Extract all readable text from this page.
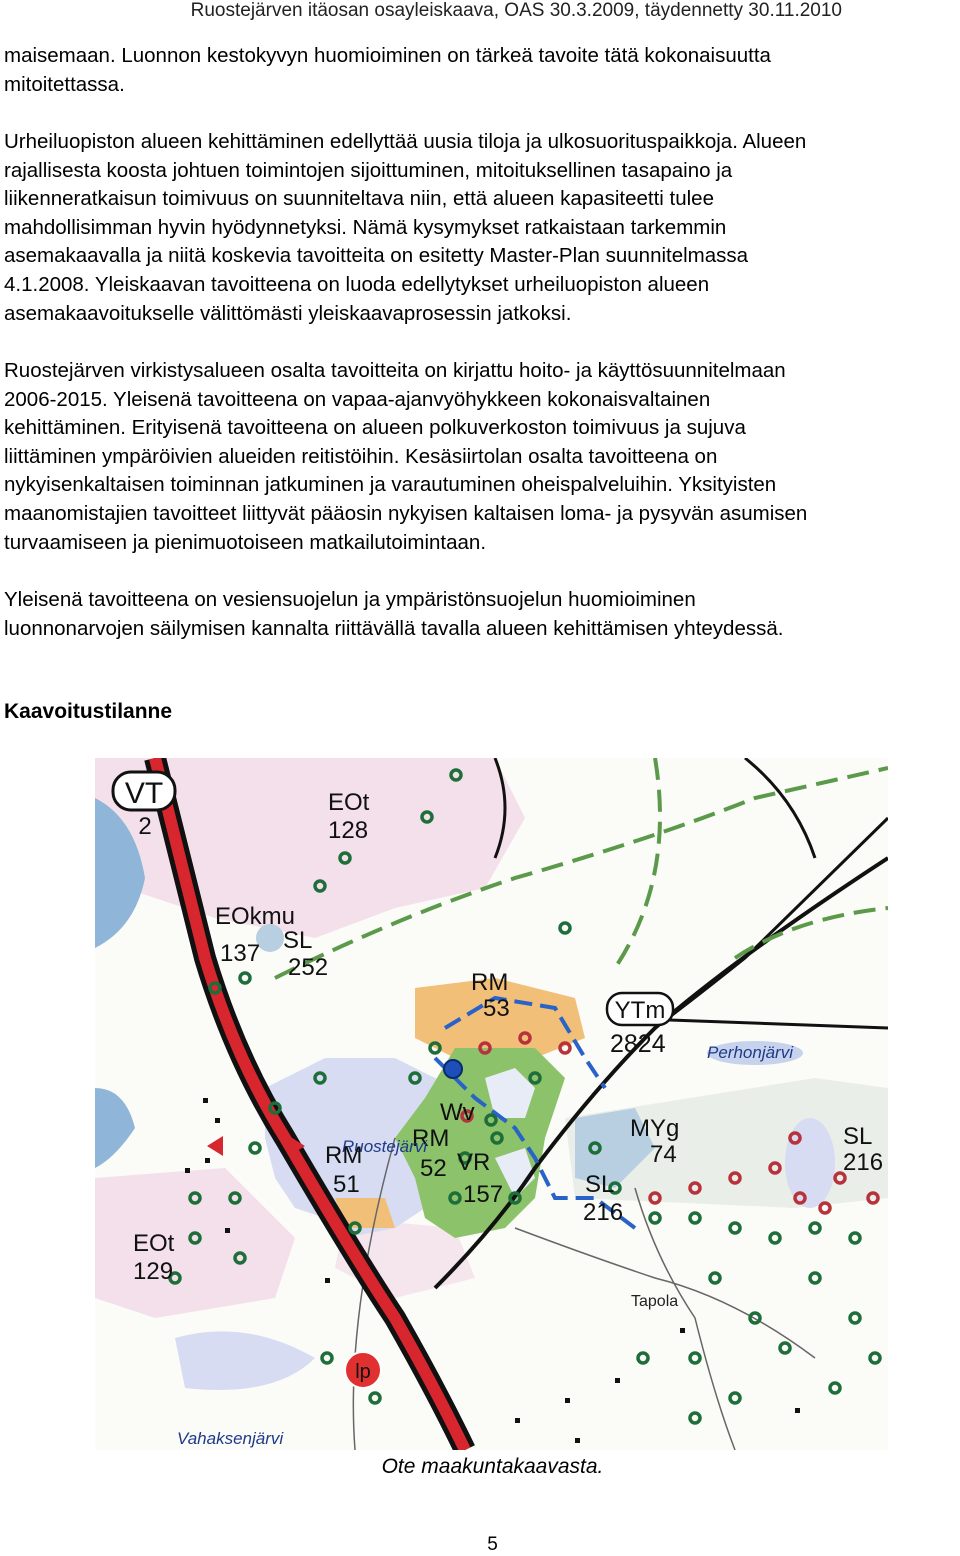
Ruostejärven itäosan osayleiskaava, OAS 30.3.2009, täydennetty 30.11.2010
maisemaan. Luonnon kestokyvyn huomioiminen on tärkeä tavoite tätä kokonaisuutta
mitoitettassa.
Urheiluopiston alueen kehittäminen edellyttää uusia tiloja ja ulkosuorituspaikkoja. Alueen
rajallisesta koosta johtuen toimintojen sijoittuminen, mitoituksellinen tasapaino ja
liikenneratkaisun toimivuus on suunniteltava niin, että alueen kapasiteetti tulee
mahdollisimman hyvin hyödynnetyksi. Nämä kysymykset ratkaistaan tarkemmin
asemakaavalla ja niitä koskevia tavoitteita on esitetty Master-Plan suunnitelmassa
4.1.2008. Yleiskaavan tavoitteena on luoda edellytykset urheiluopiston alueen
asemakaavoitukselle välittömästi yleiskaavaprosessin jatkoksi.
Ruostejärven virkistysalueen osalta tavoitteita on kirjattu hoito- ja käyttösuunnitelmaan
2006-2015. Yleisenä tavoitteena on vapaa-ajanvyöhykkeen kokonaisvaltainen
kehittäminen. Erityisenä tavoitteena on alueen polkuverkoston toimivuus ja sujuva
liittäminen ympäröivien alueiden reitistöihin. Kesäsiirtolan osalta tavoitteena on
nykyisenkaltaisen toiminnan jatkuminen ja varautuminen oheispalveluihin. Yksityisten
maanomistajien tavoitteet liittyvät pääosin nykyisen kaltaisen loma- ja pysyvän asumisen
turvaamiseen ja pienimuotoiseen matkailutoimintaan.
Yleisenä tavoitteena on vesiensuojelun ja ympäristönsuojelun huomioiminen
luonnonarvojen säilymisen kannalta riittävällä tavalla alueen kehittämisen yhteydessä.
Kaavoitustilanne
VT
2
EOt
128
EOkmu
137 SL
252
RM
53	YTm
2824 Perhonjärvi
Wv
RM
52 VR
157
Ruostejärvi
RM
51
MYg
74
SL
216
SL
216
EOt
129
Tapola
lp
Vahaksenjärvi
Ote maakuntakaavasta.
5
